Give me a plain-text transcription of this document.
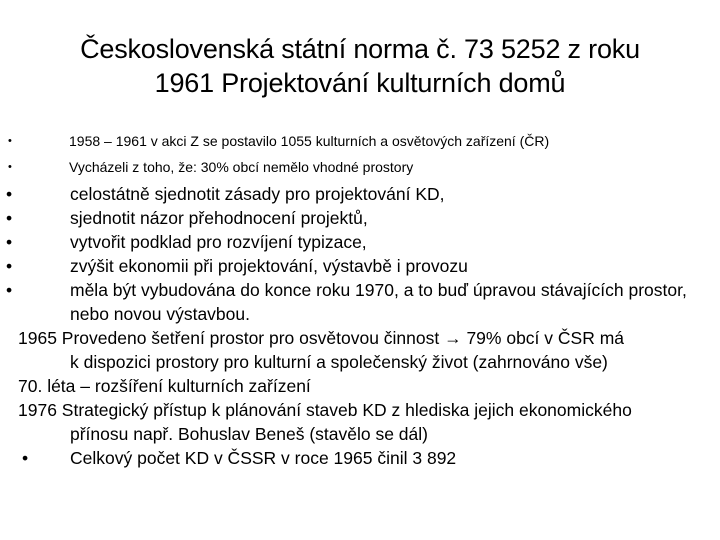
Československá státní norma č. 73 5252 z roku
1961 Projektování kulturních domů
•	1958 – 1961 v akci Z se postavilo 1055 kulturních a osvětových zařízení (ČR)
•	Vycházeli z toho, že: 30% obcí nemělo vhodné prostory
•	celostátně sjednotit zásady pro projektování KD,
•	sjednotit názor přehodnocení projektů,
•	vytvořit podklad pro rozvíjení typizace,
•	zvýšit ekonomii při projektování, výstavbě i provozu
•	měla být vybudována do konce roku 1970, a to buď úpravou stávajících prostor, nebo novou výstavbou.
1965 Provedeno šetření prostor pro osvětovou činnost → 79% obcí v ČSR má
k dispozici prostory pro kulturní a společenský život (zahrnováno vše)
70. léta – rozšíření kulturních zařízení
1976 Strategický přístup k plánování staveb KD z hlediska jejich ekonomického
přínosu např. Bohuslav Beneš (stavělo se dál)
• Celkový počet KD v ČSSR v roce 1965 činil 3 892
